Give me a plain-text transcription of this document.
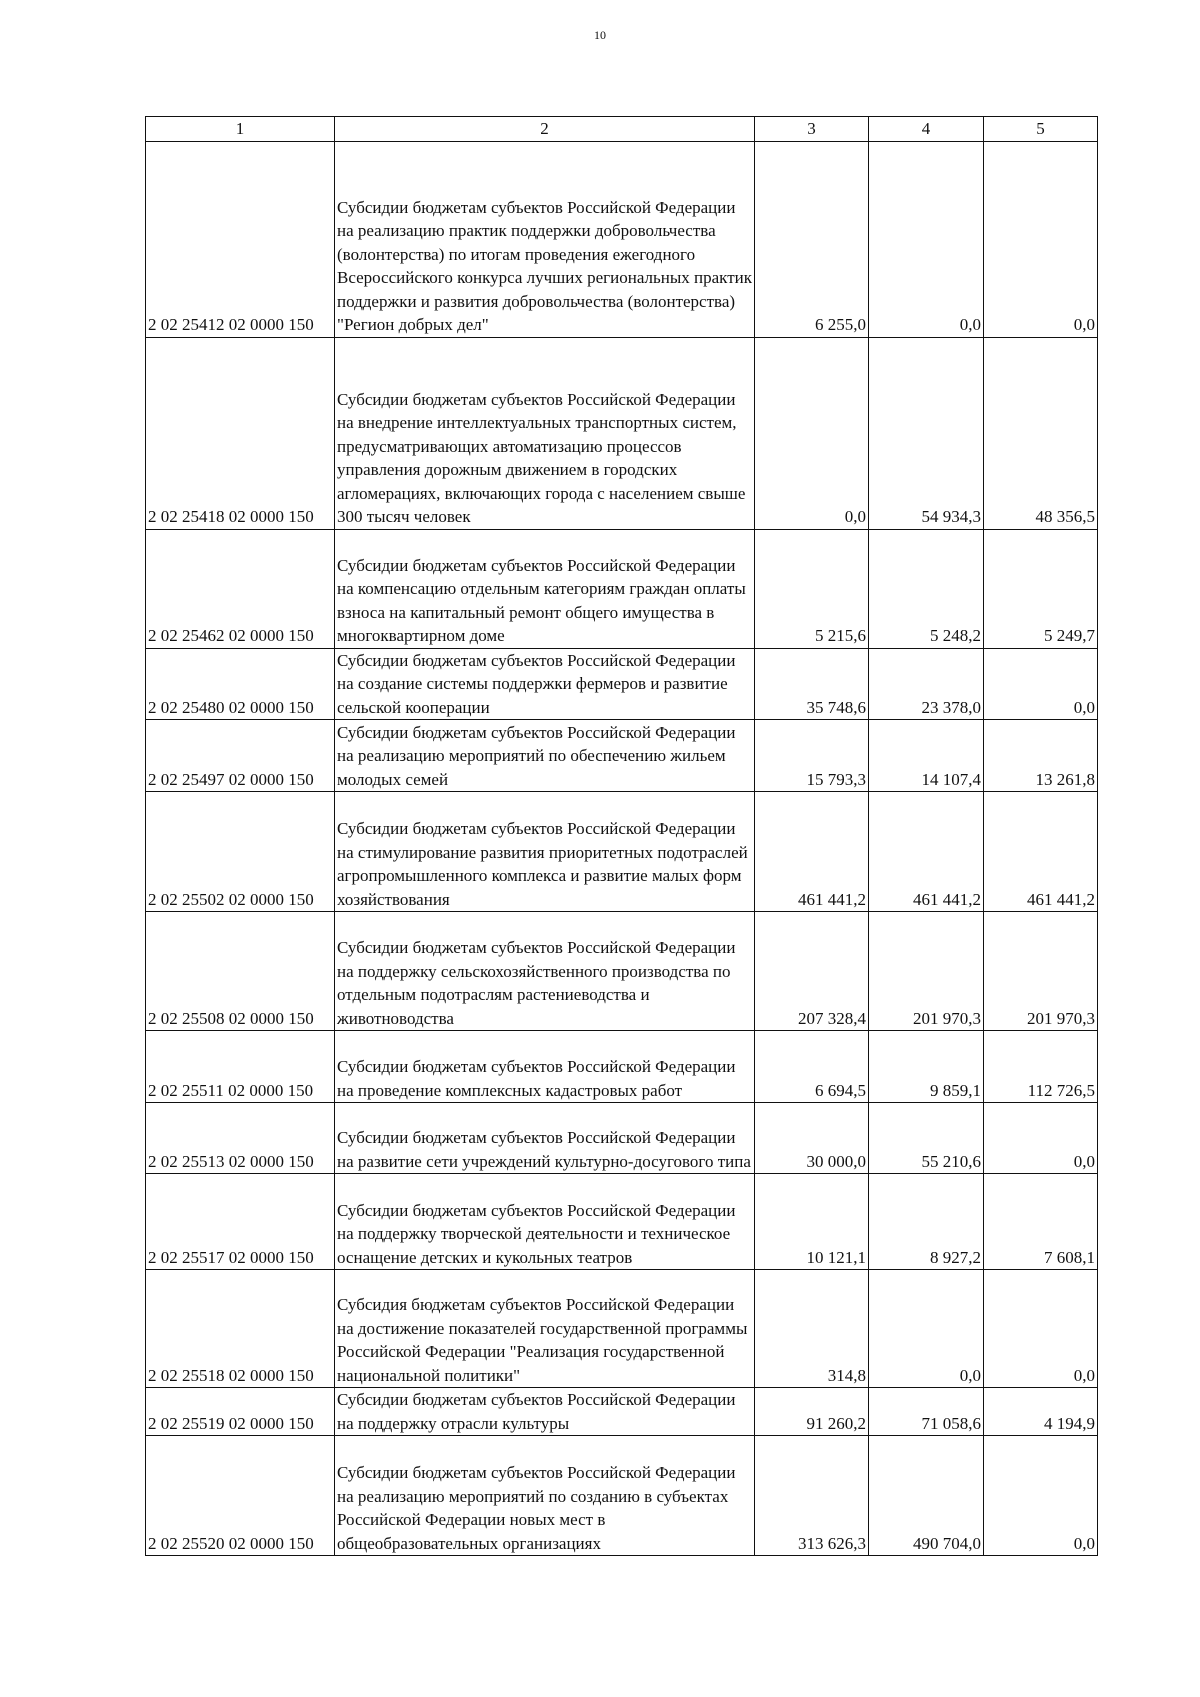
10
1	2	3	4	5
2 02 25412 02 0000 150	Субсидии бюджетам субъектов Российской Федерации на реализацию практик поддержки добровольчества (волонтерства) по итогам проведения ежегодного Всероссийского конкурса лучших региональных практик поддержки и развития добровольчества (волонтерства) "Регион добрых дел"	6 255,0	0,0	0,0
2 02 25418 02 0000 150	Субсидии бюджетам субъектов Российской Федерации на внедрение интеллектуальных транспортных систем, предусматривающих автоматизацию процессов управления дорожным движением в городских агломерациях, включающих города с населением свыше 300 тысяч человек	0,0	54 934,3	48 356,5
2 02 25462 02 0000 150	Субсидии бюджетам субъектов Российской Федерации на компенсацию отдельным категориям граждан оплаты взноса на капитальный ремонт общего имущества в многоквартирном доме	5 215,6	5 248,2	5 249,7
2 02 25480 02 0000 150	Субсидии бюджетам субъектов Российской Федерации на создание системы поддержки фермеров и развитие сельской кооперации	35 748,6	23 378,0	0,0
2 02 25497 02 0000 150	Субсидии бюджетам субъектов Российской Федерации на реализацию мероприятий по обеспечению жильем молодых семей	15 793,3	14 107,4	13 261,8
2 02 25502 02 0000 150	Субсидии бюджетам субъектов Российской Федерации на стимулирование развития приоритетных подотраслей агропромышленного комплекса и развитие малых форм хозяйствования	461 441,2	461 441,2	461 441,2
2 02 25508 02 0000 150	Субсидии бюджетам субъектов Российской Федерации на поддержку сельскохозяйственного производства по отдельным подотраслям растениеводства и животноводства	207 328,4	201 970,3	201 970,3
2 02 25511 02 0000 150	Субсидии бюджетам субъектов Российской Федерации на проведение комплексных кадастровых работ	6 694,5	9 859,1	112 726,5
2 02 25513 02 0000 150	Субсидии бюджетам субъектов Российской Федерации на развитие сети учреждений культурно-досугового типа	30 000,0	55 210,6	0,0
2 02 25517 02 0000 150	Субсидии бюджетам субъектов Российской Федерации на поддержку творческой деятельности и техническое оснащение детских и кукольных театров	10 121,1	8 927,2	7 608,1
2 02 25518 02 0000 150	Субсидия бюджетам субъектов Российской Федерации на достижение показателей государственной программы Российской Федерации "Реализация государственной национальной политики"	314,8	0,0	0,0
2 02 25519 02 0000 150	Субсидии бюджетам субъектов Российской Федерации на поддержку отрасли культуры	91 260,2	71 058,6	4 194,9
2 02 25520 02 0000 150	Субсидии бюджетам субъектов Российской Федерации на реализацию мероприятий по созданию в субъектах Российской Федерации новых мест в общеобразовательных организациях	313 626,3	490 704,0	0,0
